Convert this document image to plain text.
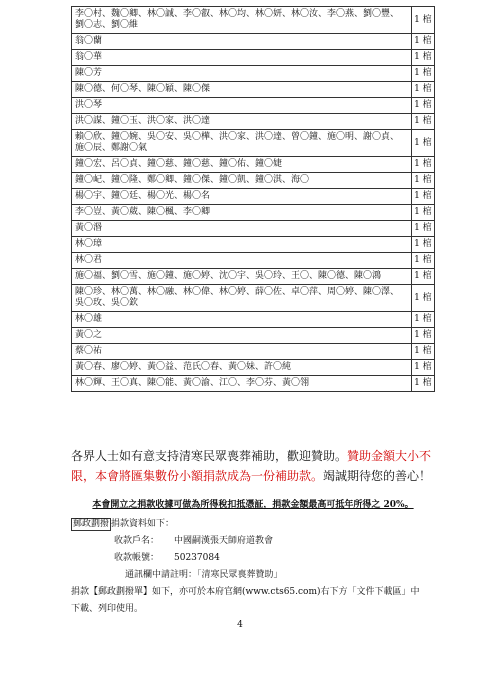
李〇村、魏〇卿、林〇誠、李〇叡、林〇均、林〇妍、林〇汝、李〇燕、劉〇豐、劉〇志、劉〇維	1 棺
翁〇蘭	1 棺
翁〇華	1 棺
陳〇芳	1 棺
陳〇德、何〇琴、陳〇穎、陳〇傑	1 棺
洪〇琴	1 棺
洪〇謀、鐘〇玉、洪〇家、洪〇達	1 棺
賴〇欣、鐘〇婉、吳〇安、吳〇樺、洪〇家、洪〇達、曾〇鐘、施〇明、謝〇貞、施〇辰、鄭謝〇氣	1 棺
鐘〇宏、呂〇貞、鐘〇慈、鐘〇慈、鐘〇佑、鐘〇婕	1 棺
鐘〇屺、鐘〇隆、鄭〇卿、鐘〇傑、鐘〇凱、鐘〇淇、海〇	1 棺
楊〇宇、鐘〇廷、楊〇光、楊〇名	1 棺
李〇豈、黃〇葳、陳〇楓、李〇卿	1 棺
黃〇湣	1 棺
林〇璋	1 棺
林〇君	1 棺
施〇福、劉〇雪、施〇鐘、施〇婷、沈〇宇、吳〇玲、王〇、陳〇德、陳〇鴻	1 棺
陳〇珍、林〇萬、林〇融、林〇偉、林〇婷、薛〇佐、卓〇萍、周〇婷、陳〇澤、吳〇玫、吳〇欽	1 棺
林〇雄	1 棺
黃〇之	1 棺
蔡〇祐	1 棺
黃〇春、廖〇婷、黃〇益、范氏〇春、黃〇妹、許〇純	1 棺
林〇輝、王〇真、陳〇能、黃〇渝、江〇、李〇芬、黃〇翎	1 棺
各界人士如有意支持清寒民眾喪葬補助，歡迎贊助。贊助金額大小不限，本會將匯集數份小額捐款成為一份補助款。竭誠期待您的善心！
本會開立之捐款收據可做為所得稅扣抵憑証，捐款金額最高可抵年所得之 20%。
郵政劃撥 捐款資料如下：
收款戶名： 中國嗣漢張天師府道教會
收款帳號： 50237084
通訊欄中請註明：「清寒民眾喪葬贊助」
捐款【郵政劃撥單】如下，亦可於本府官網(www.cts65.com)右下方「文件下載區」中
下載、列印使用。
4
